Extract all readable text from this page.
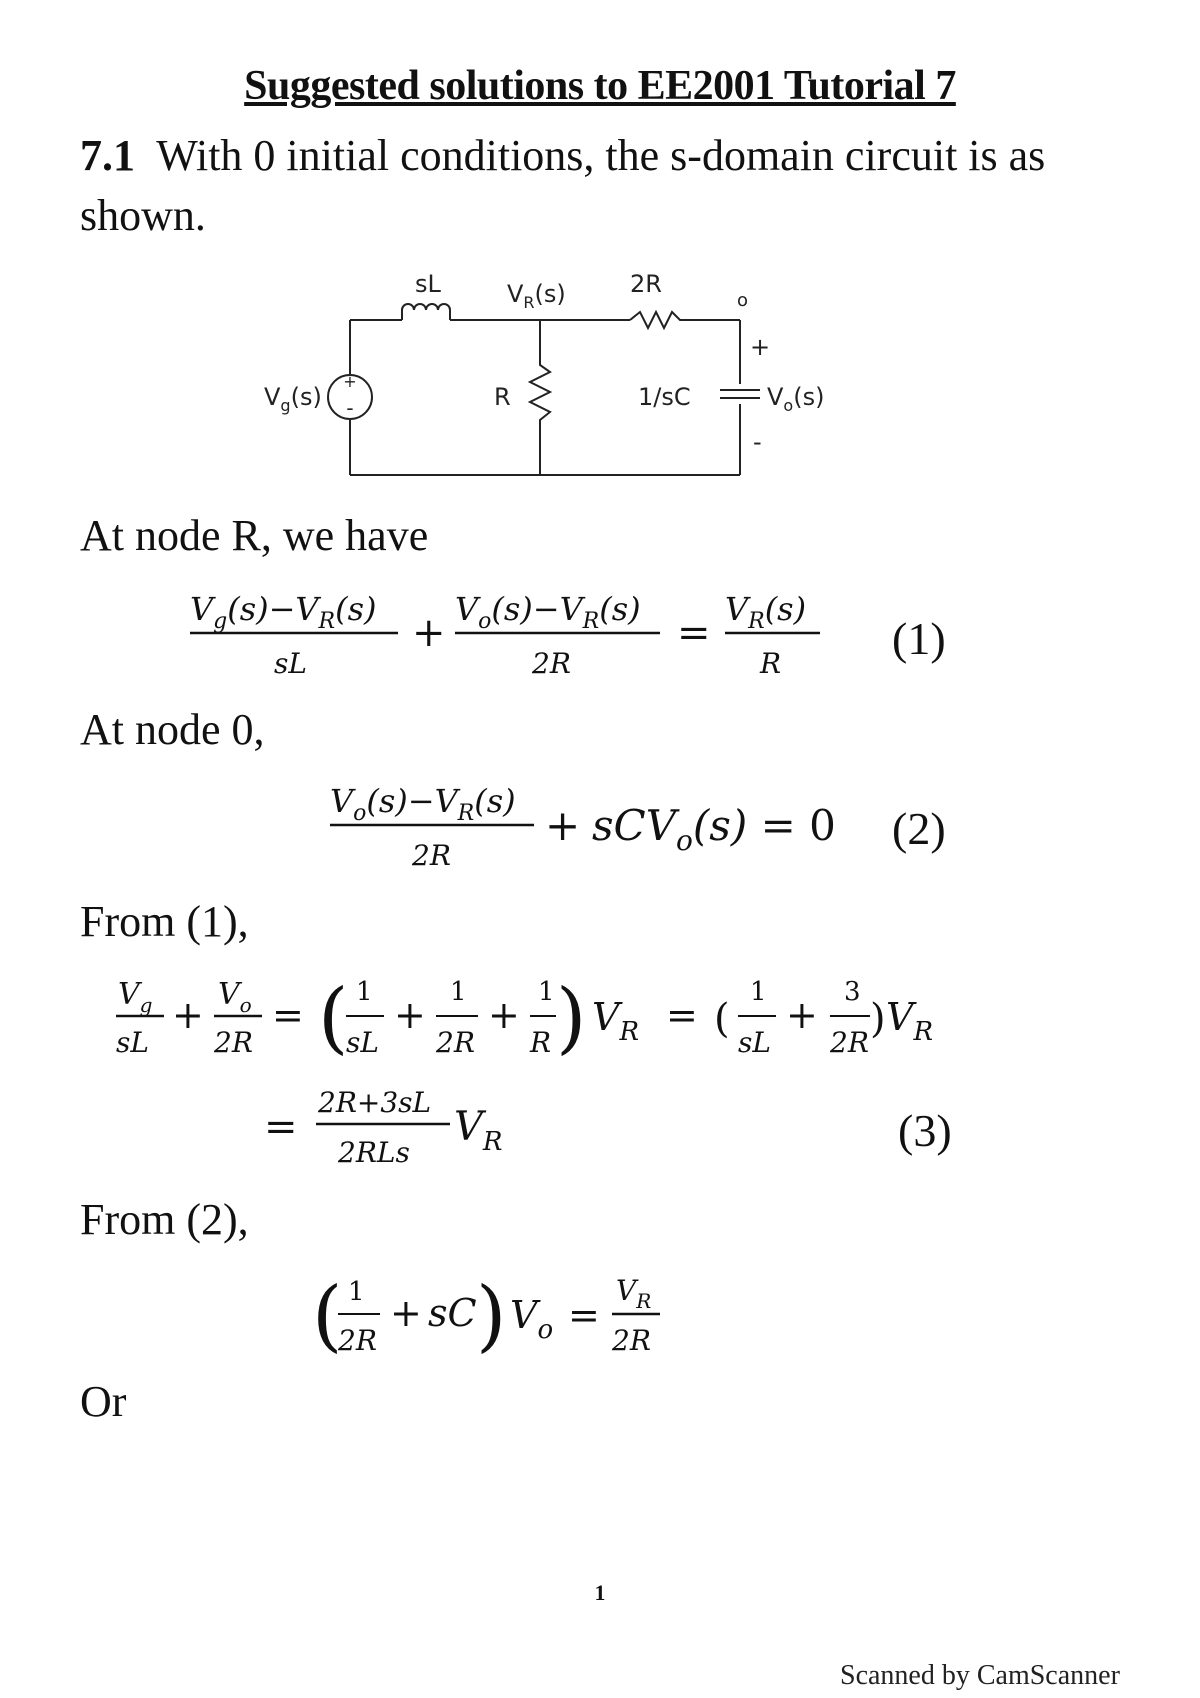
Suggested solutions to EE2001 Tutorial 7
7.1 With 0 initial conditions, the s-domain circuit is as shown.
+
-
$V_g(s)$
sL	$V_R(s)$	2R
o
+
R	1/sC	$V_o(s)$
-
At node R, we have
$V_g(s)-V_R(s)$
sL
+
$V_o(s)-V_R(s)$
2R
=
$V_R(s)$
R (1)
At node 0,
$V_o(s)-V_R(s)$
2R
+ sCV$_o$(s) = 0 (2)
From (1),
$V_g$
sL
+ $V_o$
2R
= ( 1
sL
+
1
2R
+
1
R ) $V_R$ = (
1
sL
+
3
2R
) $V_R$
=
2R+3sL
2RLs
$V_R$	(3)
From (2),
( 1
2R
+ sC ) $V_o$ =
$V_R$
2R
Or
1
Scanned by CamScanner
